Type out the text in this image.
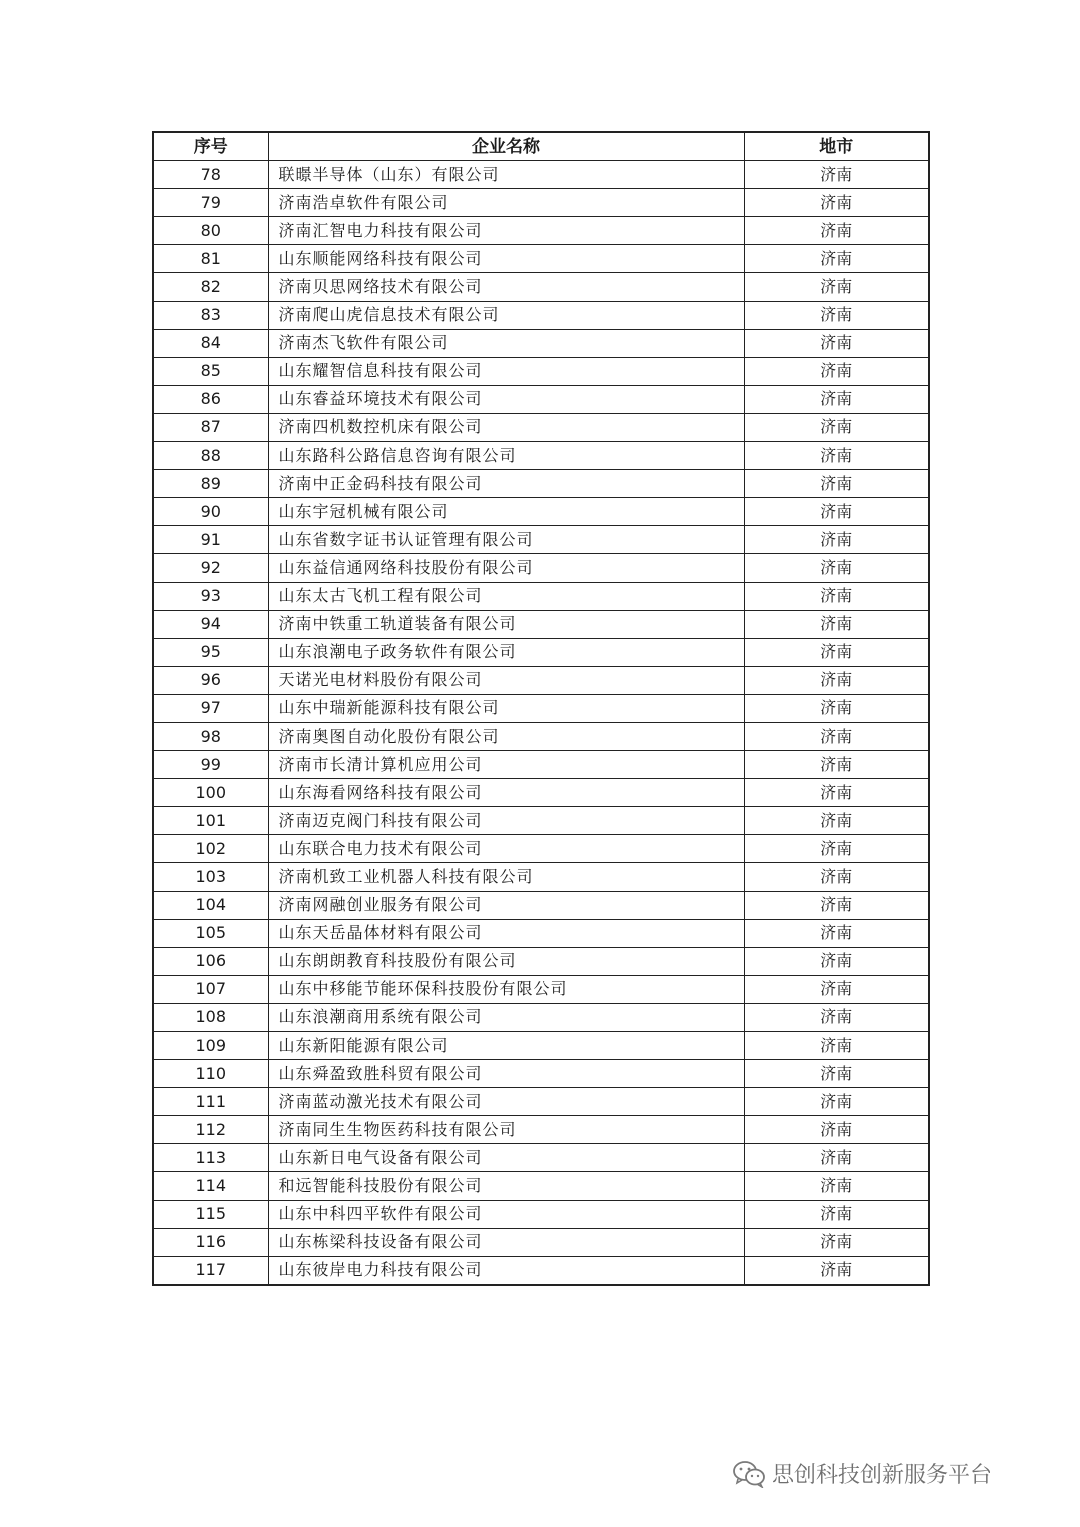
序号	企业名称	地市
78	联暻半导体（山东）有限公司	济南
79	济南浩卓软件有限公司	济南
80	济南汇智电力科技有限公司	济南
81	山东顺能网络科技有限公司	济南
82	济南贝思网络技术有限公司	济南
83	济南爬山虎信息技术有限公司	济南
84	济南杰飞软件有限公司	济南
85	山东耀智信息科技有限公司	济南
86	山东睿益环境技术有限公司	济南
87	济南四机数控机床有限公司	济南
88	山东路科公路信息咨询有限公司	济南
89	济南中正金码科技有限公司	济南
90	山东宇冠机械有限公司	济南
91	山东省数字证书认证管理有限公司	济南
92	山东益信通网络科技股份有限公司	济南
93	山东太古飞机工程有限公司	济南
94	济南中铁重工轨道装备有限公司	济南
95	山东浪潮电子政务软件有限公司	济南
96	天诺光电材料股份有限公司	济南
97	山东中瑞新能源科技有限公司	济南
98	济南奥图自动化股份有限公司	济南
99	济南市长清计算机应用公司	济南
100	山东海看网络科技有限公司	济南
101	济南迈克阀门科技有限公司	济南
102	山东联合电力技术有限公司	济南
103	济南机致工业机器人科技有限公司	济南
104	济南网融创业服务有限公司	济南
105	山东天岳晶体材料有限公司	济南
106	山东朗朗教育科技股份有限公司	济南
107	山东中移能节能环保科技股份有限公司	济南
108	山东浪潮商用系统有限公司	济南
109	山东新阳能源有限公司	济南
110	山东舜盈致胜科贸有限公司	济南
111	济南蓝动激光技术有限公司	济南
112	济南同生生物医药科技有限公司	济南
113	山东新日电气设备有限公司	济南
114	和远智能科技股份有限公司	济南
115	山东中科四平软件有限公司	济南
116	山东栋梁科技设备有限公司	济南
117	山东彼岸电力科技有限公司	济南
思创科技创新服务平台
